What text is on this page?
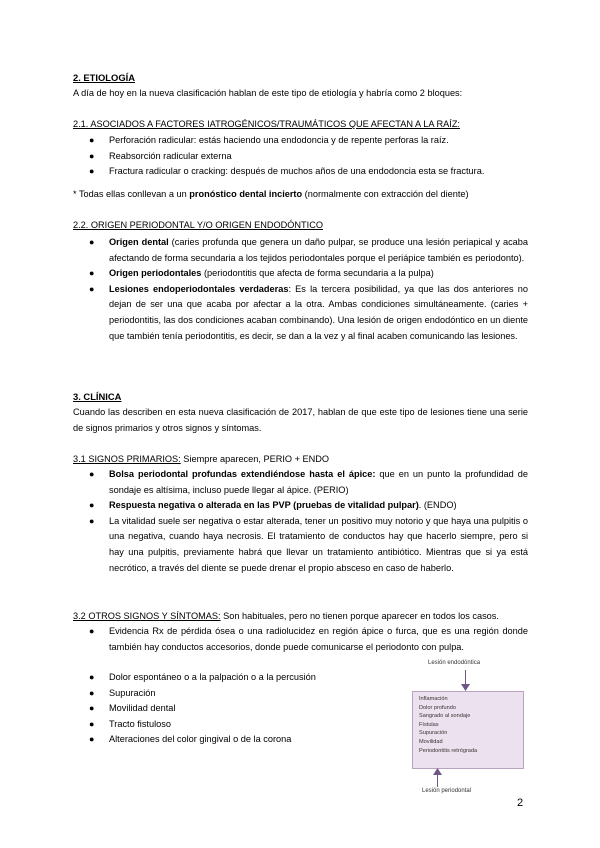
2. ETIOLOGÍA
A día de hoy en la nueva clasificación hablan de este tipo de etiología y habría como 2 bloques:
2.1. ASOCIADOS A FACTORES IATROGÉNICOS/TRAUMÁTICOS QUE AFECTAN A LA RAÍZ:
● Perforación radicular: estás haciendo una endodoncia y de repente perforas la raíz.
● Reabsorción radicular externa
● Fractura radicular o cracking: después de muchos años de una endodoncia esta se fractura.
* Todas ellas conllevan a un pronóstico dental incierto (normalmente con extracción del diente)
2.2. ORIGEN PERIODONTAL Y/O ORIGEN ENDODÓNTICO
● Origen dental (caries profunda que genera un daño pulpar, se produce una lesión periapical y acaba afectando de forma secundaria a los tejidos periodontales porque el periápice también es periodonto).
● Origen periodontales (periodontitis que afecta de forma secundaria a la pulpa)
● Lesiones endoperiodontales verdaderas: Es la tercera posibilidad, ya que las dos anteriores no dejan de ser una que acaba por afectar a la otra. Ambas condiciones simultáneamente. (caries + periodontitis, las dos condiciones acaban combinando). Una lesión de origen endodóntico en un diente que también tenía periodontitis, es decir, se dan a la vez y al final acaben comunicando las lesiones.
3. CLÍNICA
Cuando las describen en esta nueva clasificación de 2017, hablan de que este tipo de lesiones tiene una serie de signos primarios y otros signos y síntomas.
3.1 SIGNOS PRIMARIOS: Siempre aparecen, PERIO + ENDO
● Bolsa periodontal profundas extendiéndose hasta el ápice: que en un punto la profundidad de sondaje es altísima, incluso puede llegar al ápice. (PERIO)
● Respuesta negativa o alterada en las PVP (pruebas de vitalidad pulpar). (ENDO)
● La vitalidad suele ser negativa o estar alterada, tener un positivo muy notorio y que haya una pulpitis o una negativa, cuando haya necrosis. El tratamiento de conductos hay que hacerlo siempre, pero si hay una pulpitis, previamente habrá que llevar un tratamiento antibiótico. Mientras que si ya está necrótico, a través del diente se puede drenar el propio absceso en caso de haberlo.
3.2 OTROS SIGNOS Y SÍNTOMAS: Son habituales, pero no tienen porque aparecer en todos los casos.
● Evidencia Rx de pérdida ósea o una radiolucidez en región ápice o furca, que es una región donde también hay conductos accesorios, donde puede comunicarse el periodonto con pulpa.
● Dolor espontáneo o a la palpación o a la percusión
● Supuración
● Movilidad dental
● Tracto fistuloso
● Alteraciones del color gingival o de la corona
Lesión endodóntica
Inflamación
Dolor profundo
Sangrado al sondaje
Fístulas
Supuración
Movilidad
Periodontitis retrógrada
Lesión periodontal
2
